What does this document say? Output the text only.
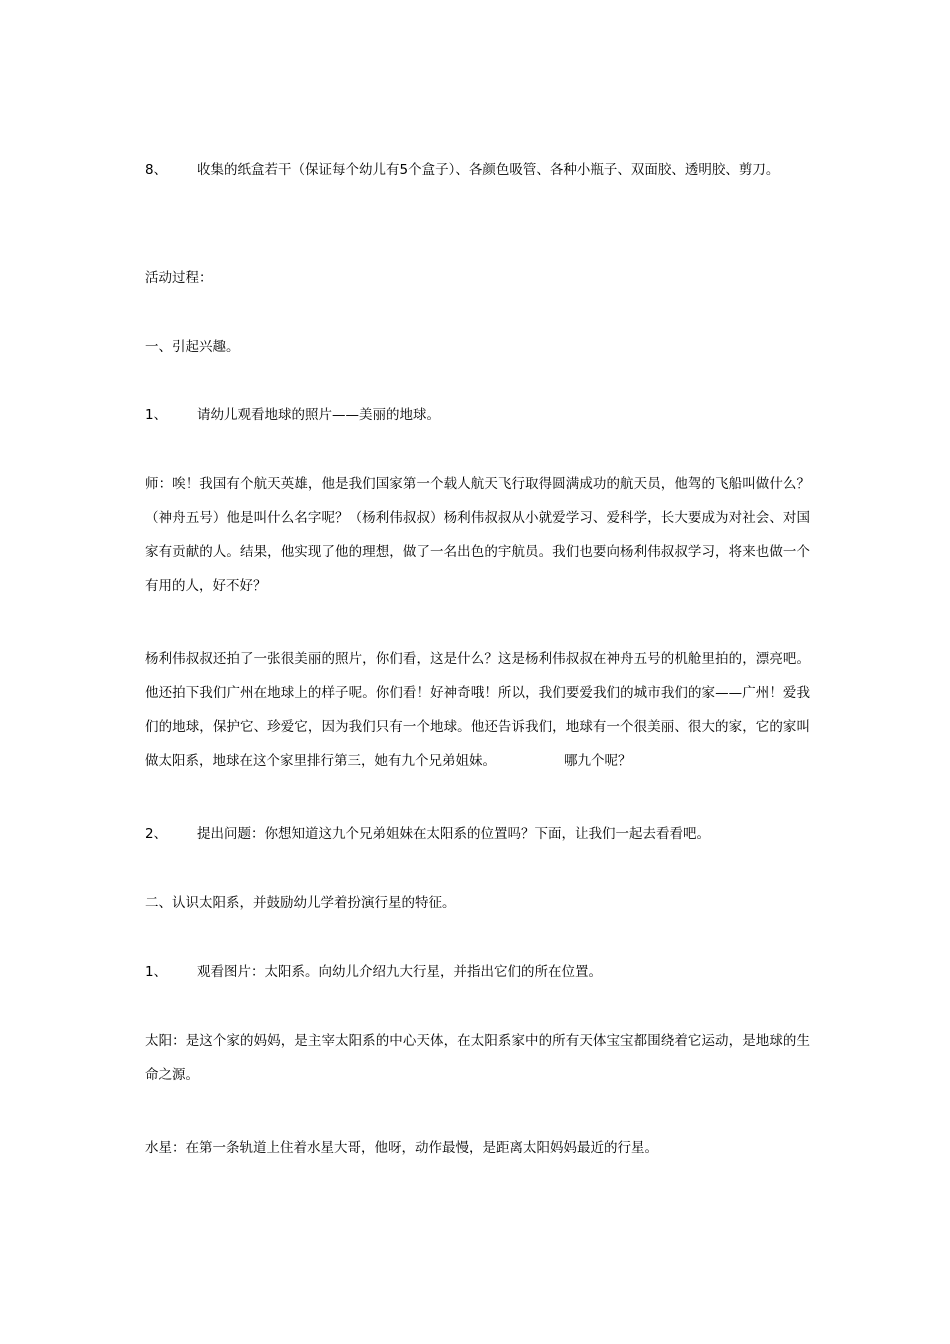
8、 收集的纸盒若干（保证每个幼儿有5个盒子）、各颜色吸管、各种小瓶子、双面胶、透明胶、剪刀。
活动过程：
一、引起兴趣。
1、 请幼儿观看地球的照片——美丽的地球。
师：唉！我国有个航天英雄，他是我们国家第一个载人航天飞行取得圆满成功的航天员，他驾的飞船叫做什么？（神舟五号）他是叫什么名字呢？（杨利伟叔叔）杨利伟叔叔从小就爱学习、爱科学，长大要成为对社会、对国家有贡献的人。结果，他实现了他的理想，做了一名出色的宇航员。我们也要向杨利伟叔叔学习，将来也做一个有用的人，好不好？
杨利伟叔叔还拍了一张很美丽的照片，你们看，这是什么？这是杨利伟叔叔在神舟五号的机舱里拍的，漂亮吧。他还拍下我们广州在地球上的样子呢。你们看！好神奇哦！所以，我们要爱我们的城市我们的家——广州！爱我们的地球，保护它、珍爱它，因为我们只有一个地球。他还告诉我们，地球有一个很美丽、很大的家，它的家叫做太阳系，地球在这个家里排行第三，她有九个兄弟姐妹。	哪九个呢？
2、 提出问题：你想知道这九个兄弟姐妹在太阳系的位置吗？下面，让我们一起去看看吧。
二、认识太阳系，并鼓励幼儿学着扮演行星的特征。
1、 观看图片：太阳系。向幼儿介绍九大行星，并指出它们的所在位置。
太阳：是这个家的妈妈，是主宰太阳系的中心天体，在太阳系家中的所有天体宝宝都围绕着它运动，是地球的生命之源。
水星：在第一条轨道上住着水星大哥，他呀，动作最慢，是距离太阳妈妈最近的行星。
